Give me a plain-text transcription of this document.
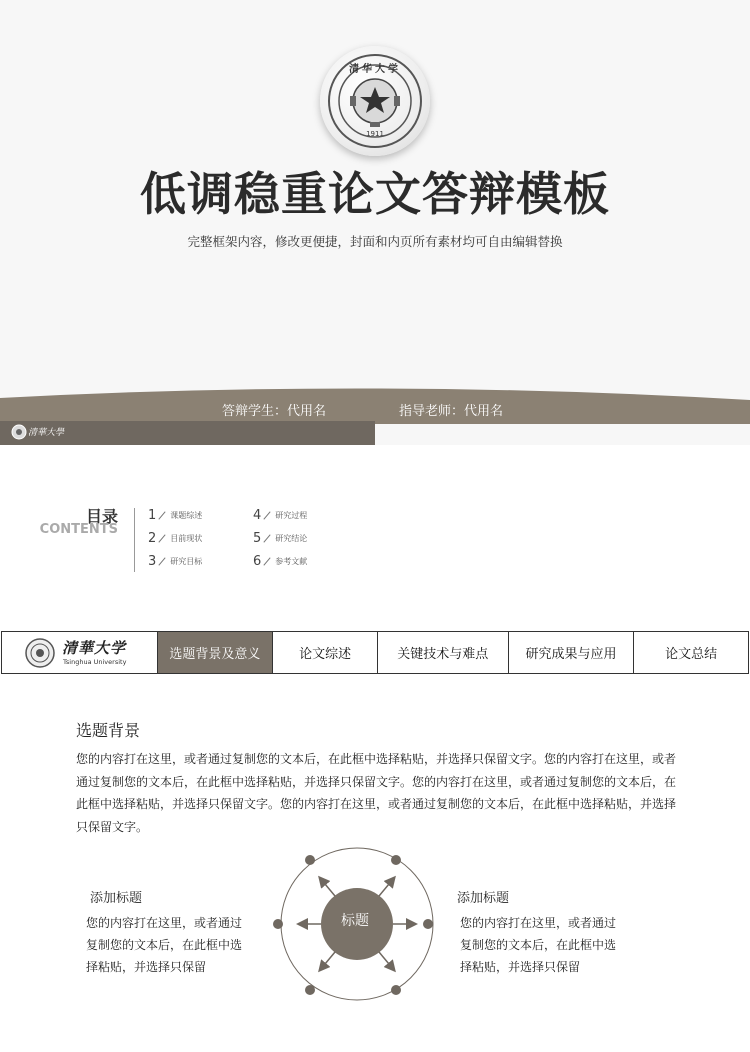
清华大学
1911
低调稳重论文答辩模板
完整框架内容，修改更便捷，封面和内页所有素材均可自由编辑替换
答辩学生：代用名	指导老师：代用名
清華大學
目录
CONTENTS
1 课题综述
2 目前现状
3 研究目标
4 研究过程
5 研究结论
6 参考文献
清華大学
Tsinghua University	选题背景及意义	论文综述	关键技术与难点	研究成果与应用	论文总结
选题背景
您的内容打在这里，或者通过复制您的文本后，在此框中选择粘贴，并选择只保留文字。您的内容打在这里，或者通过复制您的文本后，在此框中选择粘贴，并选择只保留文字。您的内容打在这里，或者通过复制您的文本后，在此框中选择粘贴，并选择只保留文字。您的内容打在这里，或者通过复制您的文本后，在此框中选择粘贴，并选择只保留文字。
添加标题
您的内容打在这里，或者通过复制您的文本后，在此框中选择粘贴，并选择只保留
添加标题
您的内容打在这里，或者通过复制您的文本后，在此框中选择粘贴，并选择只保留
标题
